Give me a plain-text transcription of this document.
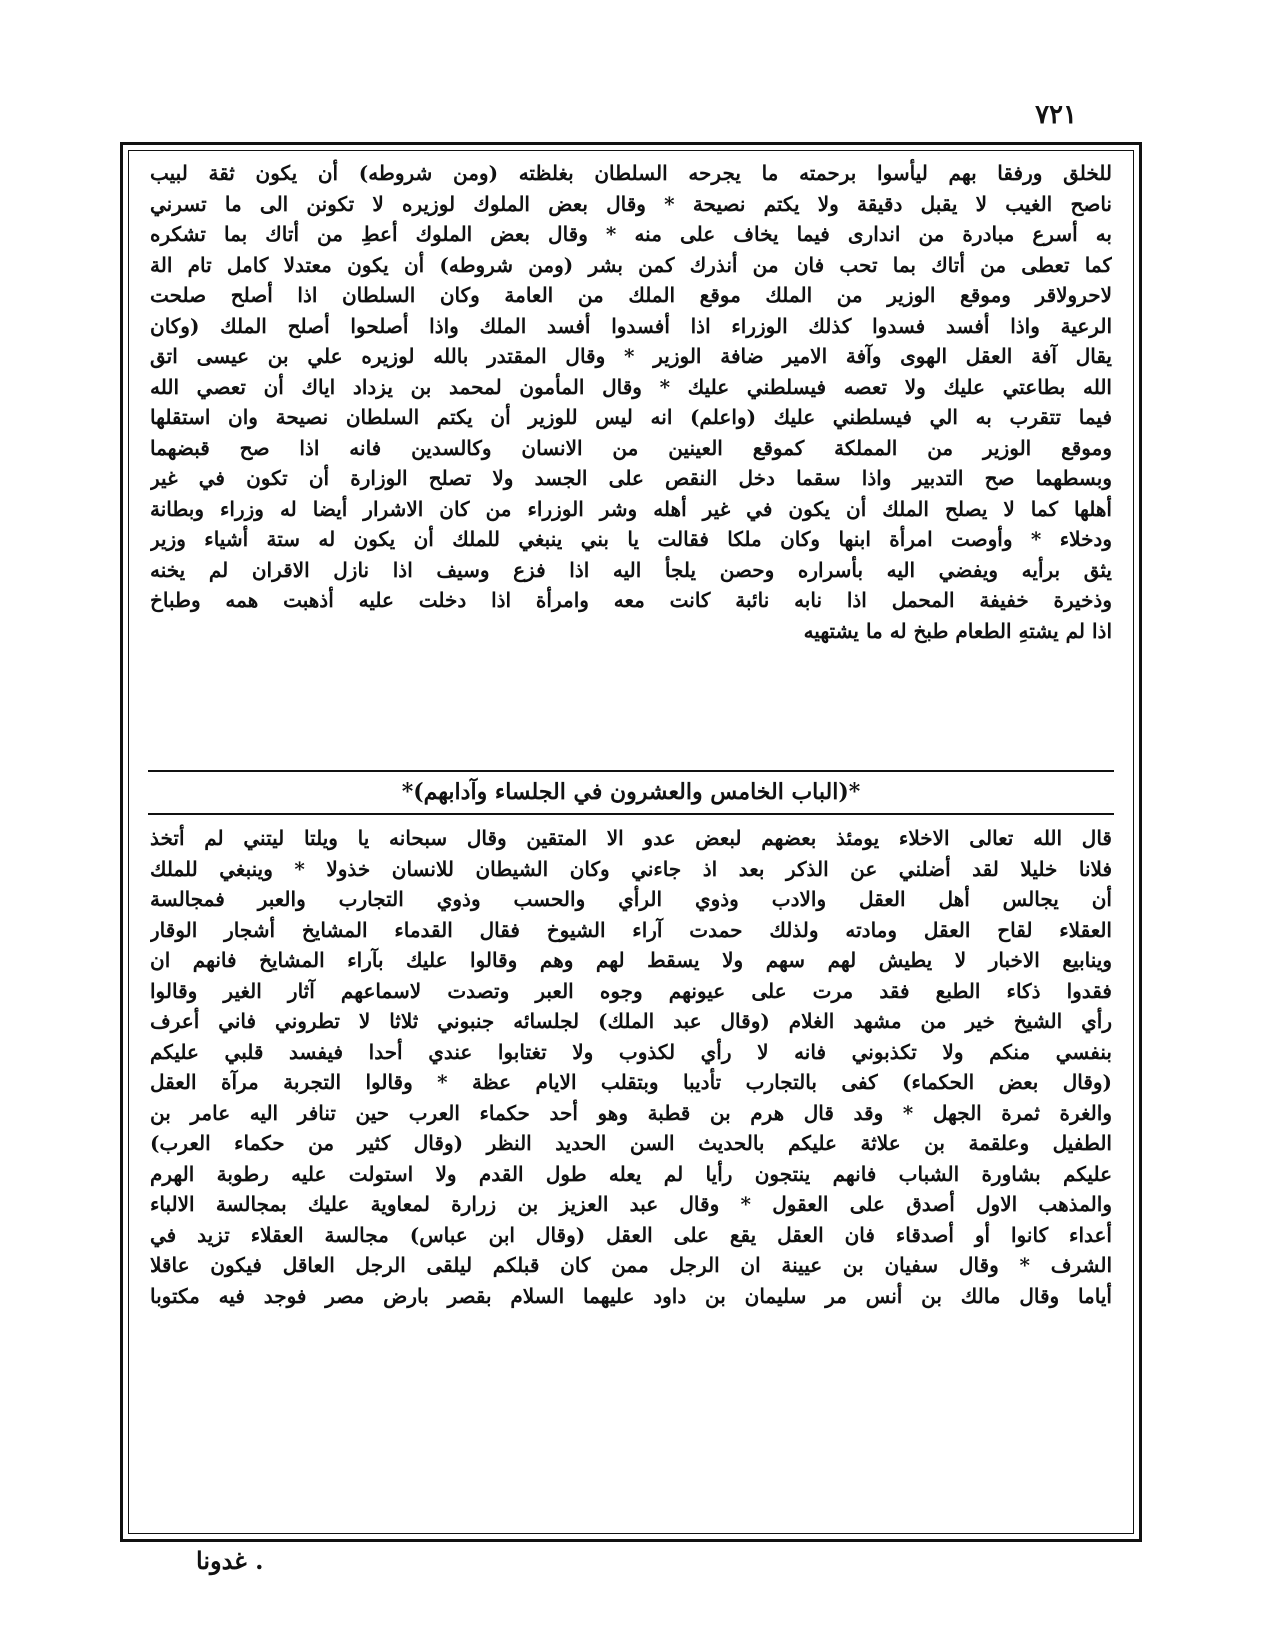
٧٢١

للخلق ورفقا بهم ليأسوا برحمته ما يجرحه السلطان بغلظته (ومن شروطه) أن يكون ثقة لبيب

ناصح الغيب لا يقبل دقيقة ولا يكتم نصيحة * وقال بعض الملوك لوزيره لا تكونن الى ما تسرني

به أسرع مبادرة من اندارى فيما يخاف على منه * وقال بعض الملوك أعطِ من أتاك بما تشكره

كما تعطى من أتاك بما تحب فان من أنذرك كمن بشر (ومن شروطه) أن يكون معتدلا كامل تام الة

لاحرولاقر وموقع الوزير من الملك موقع الملك من العامة وكان السلطان اذا أصلح صلحت

الرعية واذا أفسد فسدوا كذلك الوزراء اذا أفسدوا أفسد الملك واذا أصلحوا أصلح الملك (وكان

يقال آفة العقل الهوى وآفة الامير ضافة الوزير * وقال المقتدر بالله لوزيره علي بن عيسى اتق

الله بطاعتي عليك ولا تعصه فيسلطني عليك * وقال المأمون لمحمد بن يزداد اياك أن تعصي الله

فيما تتقرب به الي فيسلطني عليك (واعلم) انه ليس للوزير أن يكتم السلطان نصيحة وان استقلها

وموقع الوزير من المملكة كموقع العينين من الانسان وكالسدين فانه اذا صح قبضهما

وبسطهما صح التدبير واذا سقما دخل النقص على الجسد ولا تصلح الوزارة أن تكون في غير

أهلها كما لا يصلح الملك أن يكون في غير أهله وشر الوزراء من كان الاشرار أيضا له وزراء وبطانة

ودخلاء * وأوصت امرأة ابنها وكان ملكا فقالت يا بني ينبغي للملك أن يكون له ستة أشياء وزير

يثق برأيه ويفضي اليه بأسراره وحصن يلجأ اليه اذا فزع وسيف اذا نازل الاقران لم يخنه

وذخيرة خفيفة المحمل اذا نابه نائبة كانت معه وامرأة اذا دخلت عليه أذهبت همه وطباخ

اذا لم يشتهِ الطعام طبخ له ما يشتهيه

*(الباب الخامس والعشرون في الجلساء وآدابهم)*

قال الله تعالى الاخلاء يومئذ بعضهم لبعض عدو الا المتقين وقال سبحانه يا ويلتا ليتني لم أتخذ

فلانا خليلا لقد أضلني عن الذكر بعد اذ جاءني وكان الشيطان للانسان خذولا * وينبغي للملك

أن يجالس أهل العقل والادب وذوي الرأي والحسب وذوي التجارب والعبر فمجالسة

العقلاء لقاح العقل ومادته ولذلك حمدت آراء الشيوخ فقال القدماء المشايخ أشجار الوقار

وينابيع الاخبار لا يطيش لهم سهم ولا يسقط لهم وهم وقالوا عليك بآراء المشايخ فانهم ان

فقدوا ذكاء الطبع فقد مرت على عيونهم وجوه العبر وتصدت لاسماعهم آثار الغير وقالوا

رأي الشيخ خير من مشهد الغلام (وقال عبد الملك) لجلسائه جنبوني ثلاثا لا تطروني فاني أعرف

بنفسي منكم ولا تكذبوني فانه لا رأي لكذوب ولا تغتابوا عندي أحدا فيفسد قلبي عليكم

(وقال بعض الحكماء) كفى بالتجارب تأديبا وبتقلب الايام عظة * وقالوا التجربة مرآة العقل

والغرة ثمرة الجهل * وقد قال هرم بن قطبة وهو أحد حكماء العرب حين تنافر اليه عامر بن

الطفيل وعلقمة بن علاثة عليكم بالحديث السن الحديد النظر (وقال كثير من حكماء العرب)

عليكم بشاورة الشباب فانهم ينتجون رأيا لم يعله طول القدم ولا استولت عليه رطوبة الهرم

والمذهب الاول أصدق على العقول * وقال عبد العزيز بن زرارة لمعاوية عليك بمجالسة الالباء

أعداء كانوا أو أصدقاء فان العقل يقع على العقل (وقال ابن عباس) مجالسة العقلاء تزيد في

الشرف * وقال سفيان بن عيينة ان الرجل ممن كان قبلكم ليلقى الرجل العاقل فيكون عاقلا

أياما وقال مالك بن أنس مر سليمان بن داود عليهما السلام بقصر بارض مصر فوجد فيه مكتوبا

. غدونا
